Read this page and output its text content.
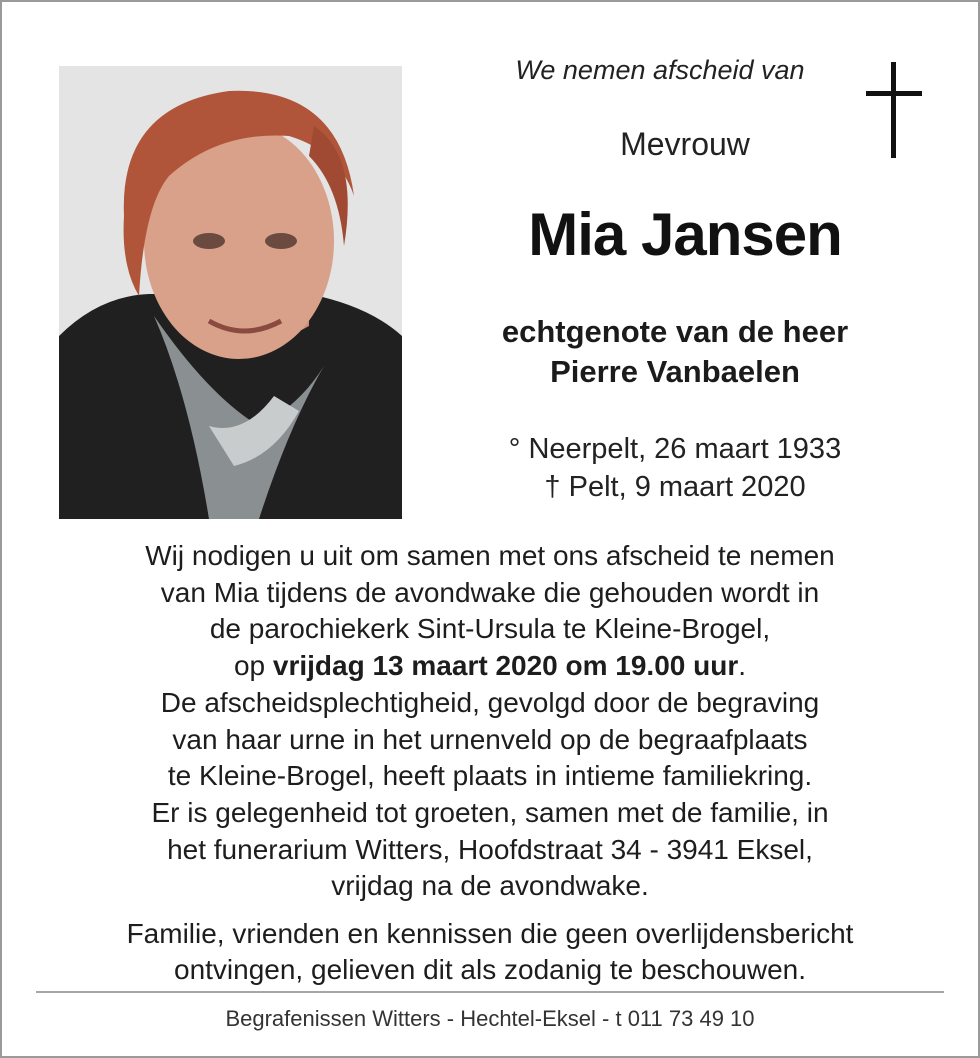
We nemen afscheid van
Mevrouw
Mia Jansen
echtgenote van de heer
Pierre Vanbaelen
° Neerpelt, 26 maart 1933
† Pelt, 9 maart 2020
Wij nodigen u uit om samen met ons afscheid te nemen
van Mia tijdens de avondwake die gehouden wordt in
de parochiekerk Sint-Ursula te Kleine-Brogel,
op vrijdag 13 maart 2020 om 19.00 uur.
De afscheidsplechtigheid, gevolgd door de begraving
van haar urne in het urnenveld op de begraafplaats
te Kleine-Brogel, heeft plaats in intieme familiekring.
Er is gelegenheid tot groeten, samen met de familie, in
het funerarium Witters, Hoofdstraat 34 - 3941 Eksel,
vrijdag na de avondwake.
Familie, vrienden en kennissen die geen overlijdensbericht
ontvingen, gelieven dit als zodanig te beschouwen.
Begrafenissen Witters - Hechtel-Eksel - t 011 73 49 10
